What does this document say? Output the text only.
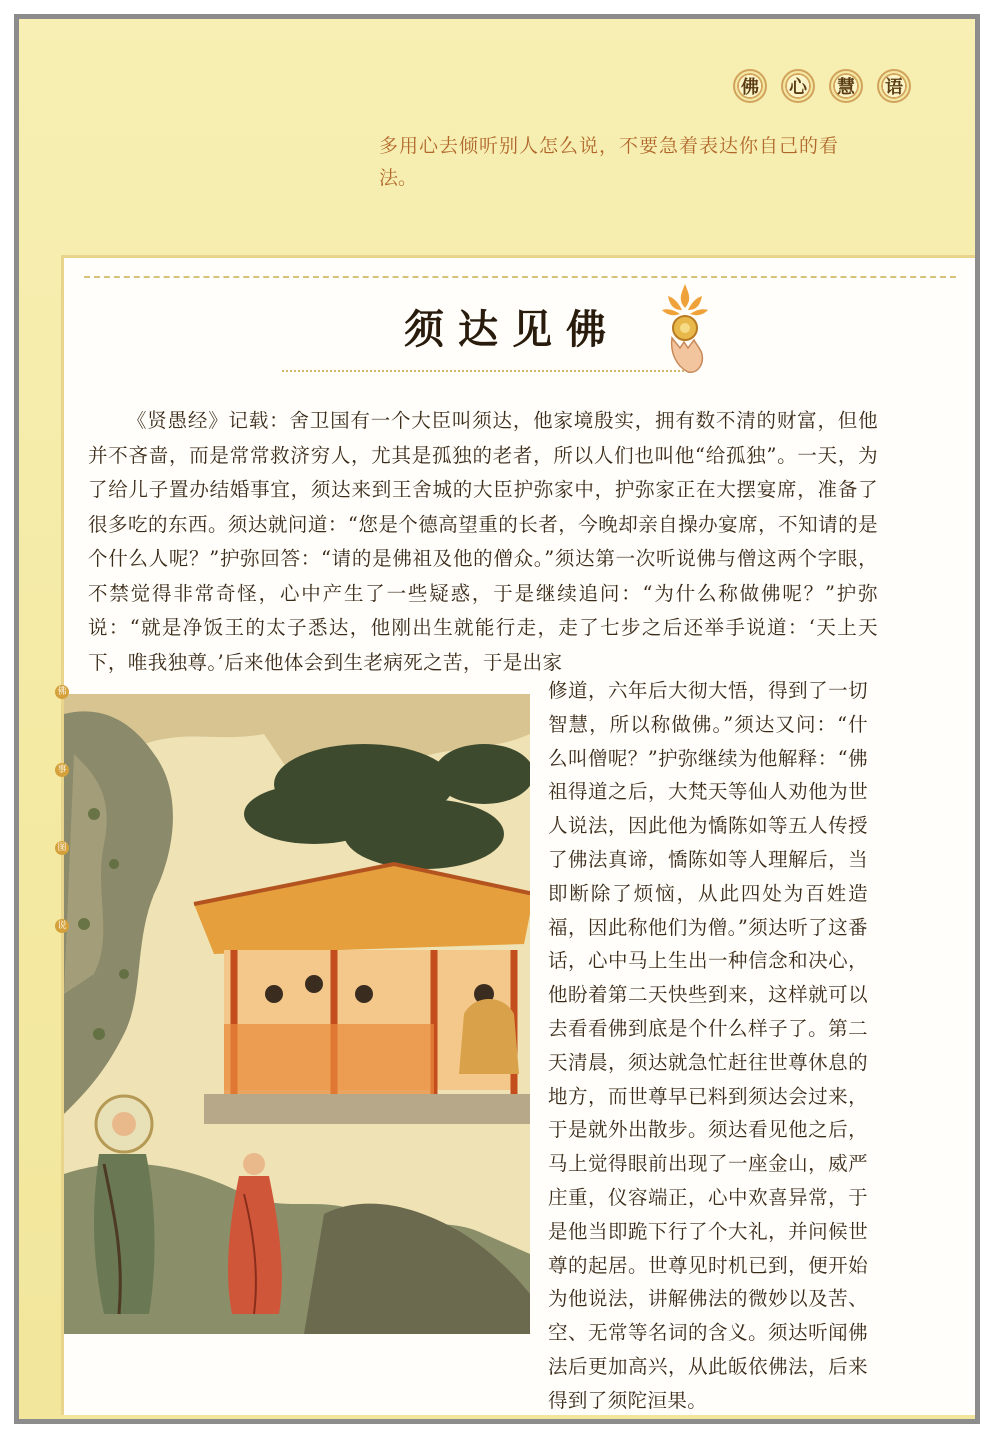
佛	心	慧	语
多用心去倾听别人怎么说，不要急着表达你自己的看
法。
须达见佛

《贤愚经》记载：舍卫国有一个大臣叫须达，他家境殷实，拥有数不清的财富，但他并不吝啬，而是常常救济穷人，尤其是孤独的老者，所以人们也叫他“给孤独”。一天，为了给儿子置办结婚事宜，须达来到王舍城的大臣护弥家中，护弥家正在大摆宴席，准备了很多吃的东西。须达就问道：“您是个德高望重的长者，今晚却亲自操办宴席，不知请的是个什么人呢？”护弥回答：“请的是佛祖及他的僧众。”须达第一次听说佛与僧这两个字眼，不禁觉得非常奇怪，心中产生了一些疑惑，于是继续追问：“为什么称做佛呢？”护弥说：“就是净饭王的太子悉达，他刚出生就能行走，走了七步之后还举手说道：‘天上天下，唯我独尊。’后来他体会到生老病死之苦，于是出家

修道，六年后大彻大悟，得到了一切智慧，所以称做佛。”须达又问：“什么叫僧呢？”护弥继续为他解释：“佛祖得道之后，大梵天等仙人劝他为世人说法，因此他为憍陈如等五人传授了佛法真谛，憍陈如等人理解后，当即断除了烦恼，从此四处为百姓造福，因此称他们为僧。”须达听了这番话，心中马上生出一种信念和决心，他盼着第二天快些到来，这样就可以去看看佛到底是个什么样子了。第二天清晨，须达就急忙赶往世尊休息的地方，而世尊早已料到须达会过来，于是就外出散步。须达看见他之后，马上觉得眼前出现了一座金山，威严庄重，仪容端正，心中欢喜异常，于是他当即跪下行了个大礼，并问候世尊的起居。世尊见时机已到，便开始为他说法，讲解佛法的微妙以及苦、空、无常等名词的含义。须达听闻佛法后更加高兴，从此皈依佛法，后来得到了须陀洹果。

佛
事
图
说
